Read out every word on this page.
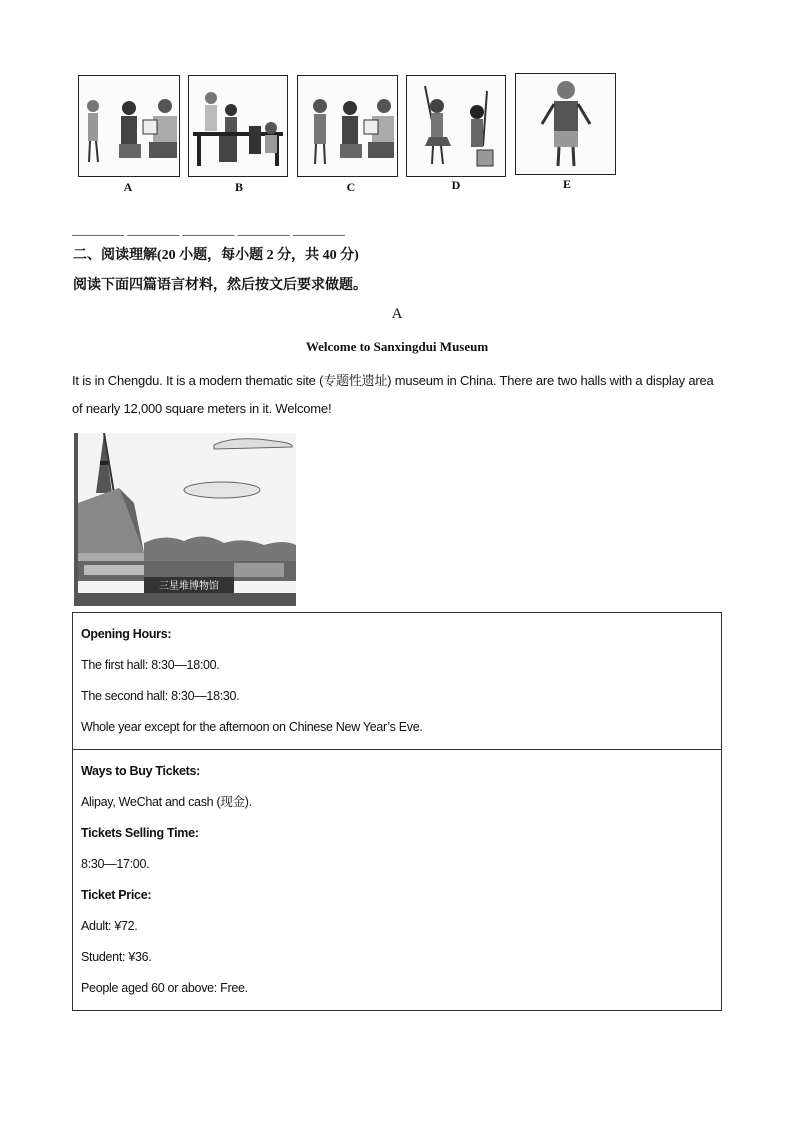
A	B	C	D	E
________ ________ ________ ________ ________
二、阅读理解(20 小题，每小题 2 分，共 40 分)
阅读下面四篇语言材料，然后按文后要求做题。
A
Welcome to Sanxingdui Museum
It is in Chengdu. It is a modern thematic site (专题性遗址) museum in China. There are two halls with a display area
of nearly 12,000 square meters in it. Welcome!
三星堆博物馆
Opening Hours:
The first hall: 8:30—18:00.
The second hall: 8:30—18:30.
Whole year except for the afternoon on Chinese New Year’s Eve.

Ways to Buy Tickets:
Alipay, WeChat and cash (现金).
Tickets Selling Time:
8:30—17:00.
Ticket Price:
Adult: ¥72.
Student: ¥36.
People aged 60 or above: Free.
